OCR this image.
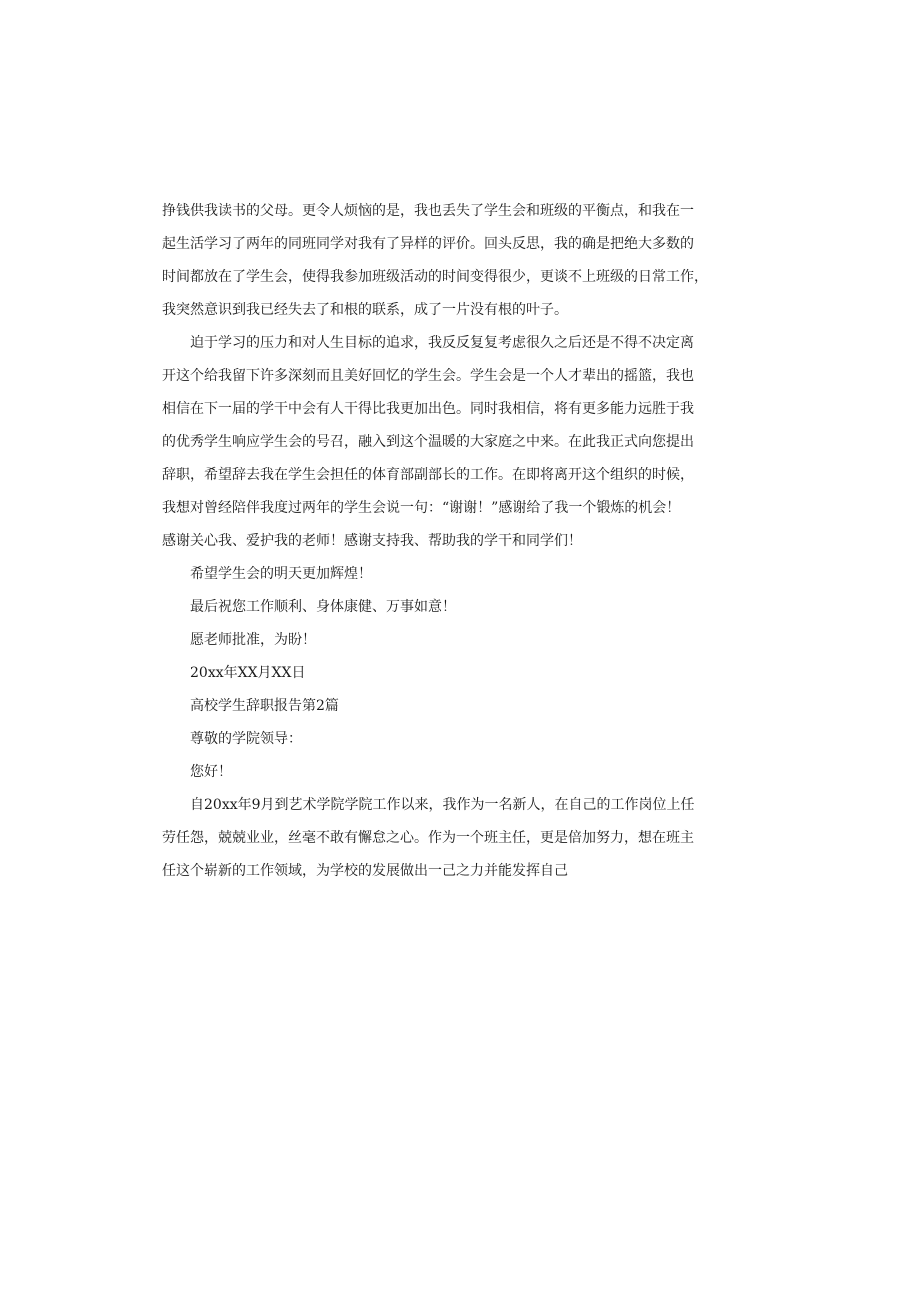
挣钱供我读书的父母。更令人烦恼的是，我也丢失了学生会和班级的平衡点，和我在一
起生活学习了两年的同班同学对我有了异样的评价。回头反思，我的确是把绝大多数的
时间都放在了学生会，使得我参加班级活动的时间变得很少，更谈不上班级的日常工作，
我突然意识到我已经失去了和根的联系，成了一片没有根的叶子。
迫于学习的压力和对人生目标的追求，我反反复复考虑很久之后还是不得不决定离
开这个给我留下许多深刻而且美好回忆的学生会。学生会是一个人才辈出的摇篮，我也
相信在下一届的学干中会有人干得比我更加出色。同时我相信，将有更多能力远胜于我
的优秀学生响应学生会的号召，融入到这个温暖的大家庭之中来。在此我正式向您提出
辞职，希望辞去我在学生会担任的体育部副部长的工作。在即将离开这个组织的时候，
我想对曾经陪伴我度过两年的学生会说一句：“谢谢！”感谢给了我一个锻炼的机会！
感谢关心我、爱护我的老师！感谢支持我、帮助我的学干和同学们！

希望学生会的明天更加辉煌！

最后祝您工作顺利、身体康健、万事如意！

愿老师批准，为盼！

20xx年XX月XX日

高校学生辞职报告第2篇

尊敬的学院领导：

您好！

自20xx年9月到艺术学院学院工作以来，我作为一名新人，在自己的工作岗位上任
劳任怨，兢兢业业，丝毫不敢有懈怠之心。作为一个班主任，更是倍加努力，想在班主
任这个崭新的工作领域，为学校的发展做出一己之力并能发挥自己
